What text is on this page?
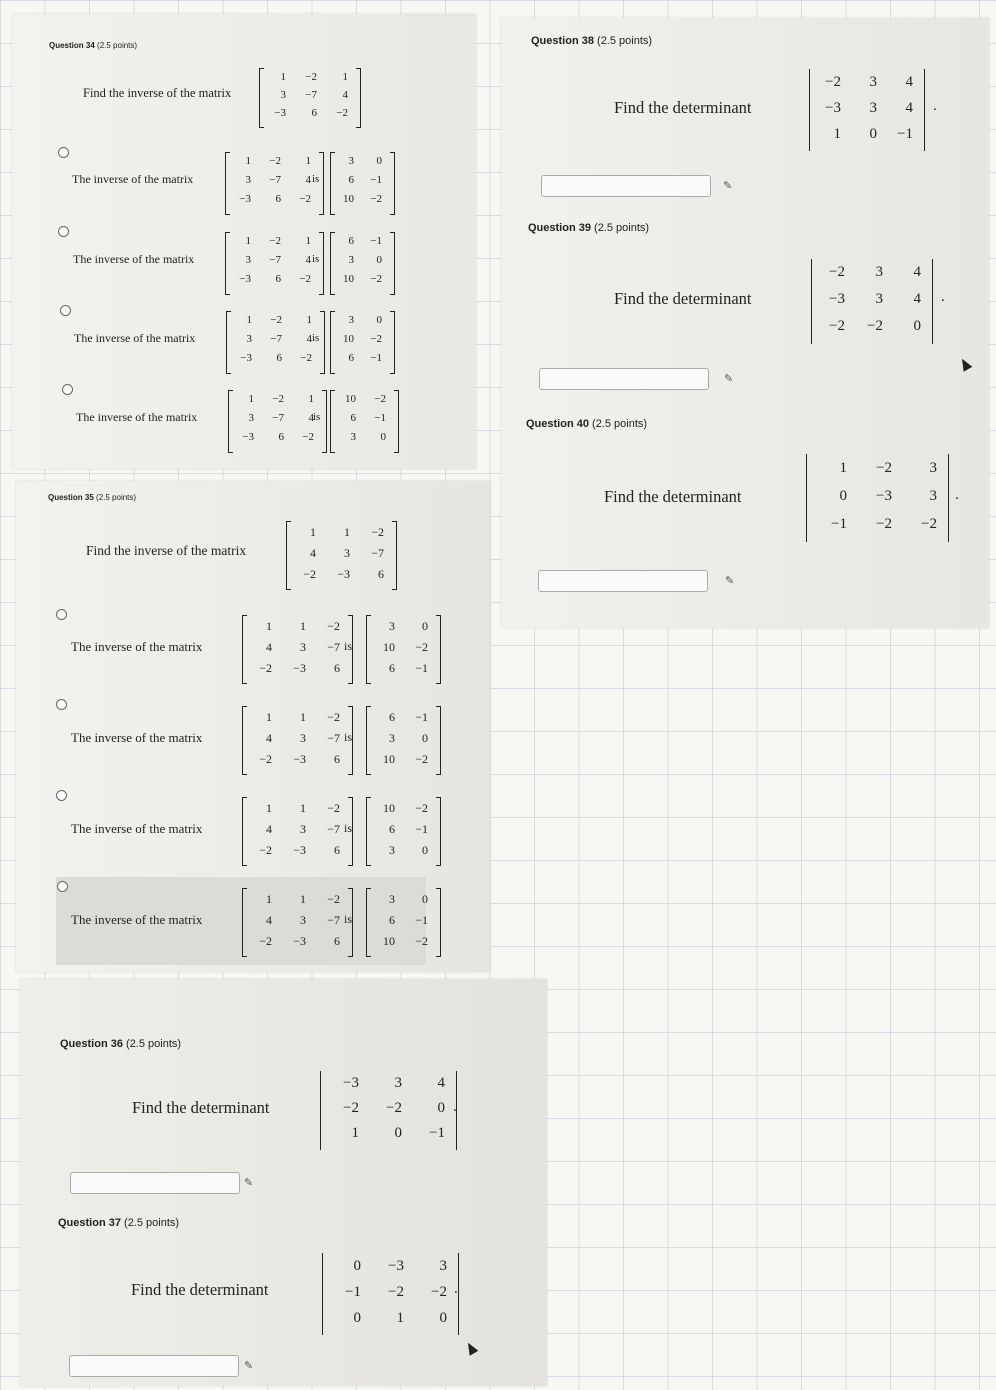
Question 34 (2.5 points)
Find the inverse of the matrix
1	−2	1
3	−7	4
−3	6	−2
The inverse of the matrix
1	−2	1
3	−7	4
−3	6	−2
is
3	0
6	−1
10	−2
The inverse of the matrix
1	−2	1
3	−7	4
−3	6	−2
is
6	−1
3	0
10	−2
The inverse of the matrix
1	−2	1
3	−7	4
−3	6	−2
is
3	0
10	−2
6	−1
The inverse of the matrix
1	−2	1
3	−7	4
−3	6	−2
is
10	−2
6	−1
3	0
Question 35 (2.5 points)
Find the inverse of the matrix
1	1	−2
4	3	−7
−2	−3	6
The inverse of the matrix
1	1	−2
4	3	−7
−2	−3	6
is
3	0
10	−2
6	−1
The inverse of the matrix
1	1	−2
4	3	−7
−2	−3	6
is
6	−1
3	0
10	−2
The inverse of the matrix
1	1	−2
4	3	−7
−2	−3	6
is
10	−2
6	−1
3	0
The inverse of the matrix
1	1	−2
4	3	−7
−2	−3	6
is
3	0
6	−1
10	−2
Question 36 (2.5 points)
Find the determinant
−3	3	4
−2	−2	0
1	0	−1
.
✎
Question 37 (2.5 points)
Find the determinant
0	−3	3
−1	−2	−2
0	1	0
.
✎
Question 38 (2.5 points)
Find the determinant
−2	3	4
−3	3	4
1	0	−1
.
✎
Question 39 (2.5 points)
Find the determinant
−2	3	4
−3	3	4
−2	−2	0
.
✎
Question 40 (2.5 points)
Find the determinant
1	−2	3
0	−3	3
−1	−2	−2
.
✎
